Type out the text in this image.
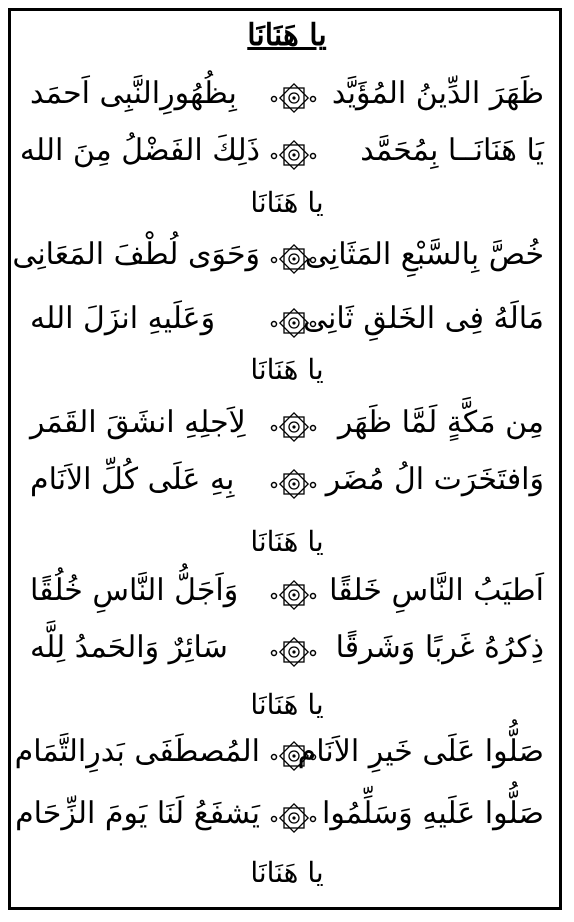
يا هَنَانَا
ظَهَرَ الدِّينُ المُؤَيَّد
بِظُهُورِالنَّبِى اَحمَد
يَا هَنَانَــا بِمُحَمَّد
ذَلِكَ الفَضْلُ مِنَ الله
يا هَنَانَا
خُصَّ بِالسَّبْعِ المَثَانِى
وَحَوَى لُطْفَ المَعَانِى
مَالَهُ فِى الخَلقِ ثَانِى
وَعَلَيهِ انزَلَ الله
يا هَنَانَا
مِن مَكَّةٍ لَمَّا ظَهَر
لِاَجلِهِ انشَقَ القَمَر
وَافتَخَرَت الُ مُضَر
بِهِ عَلَى كُلِّ الاَنَام
يا هَنَانَا
اَطيَبُ النَّاسِ خَلقًا
وَاَجَلُّ النَّاسِ خُلُقًا
ذِكرُهُ غَربًا وَشَرقًا
سَائِرٌ وَالحَمدُ لِلَّه
يا هَنَانَا
صَلُّوا عَلَى خَيرِ الاَنَام
المُصطَفَى بَدرِالتَّمَام
صَلُّوا عَلَيهِ وَسَلِّمُوا
يَشفَعُ لَنَا يَومَ الزِّحَام
يا هَنَانَا
